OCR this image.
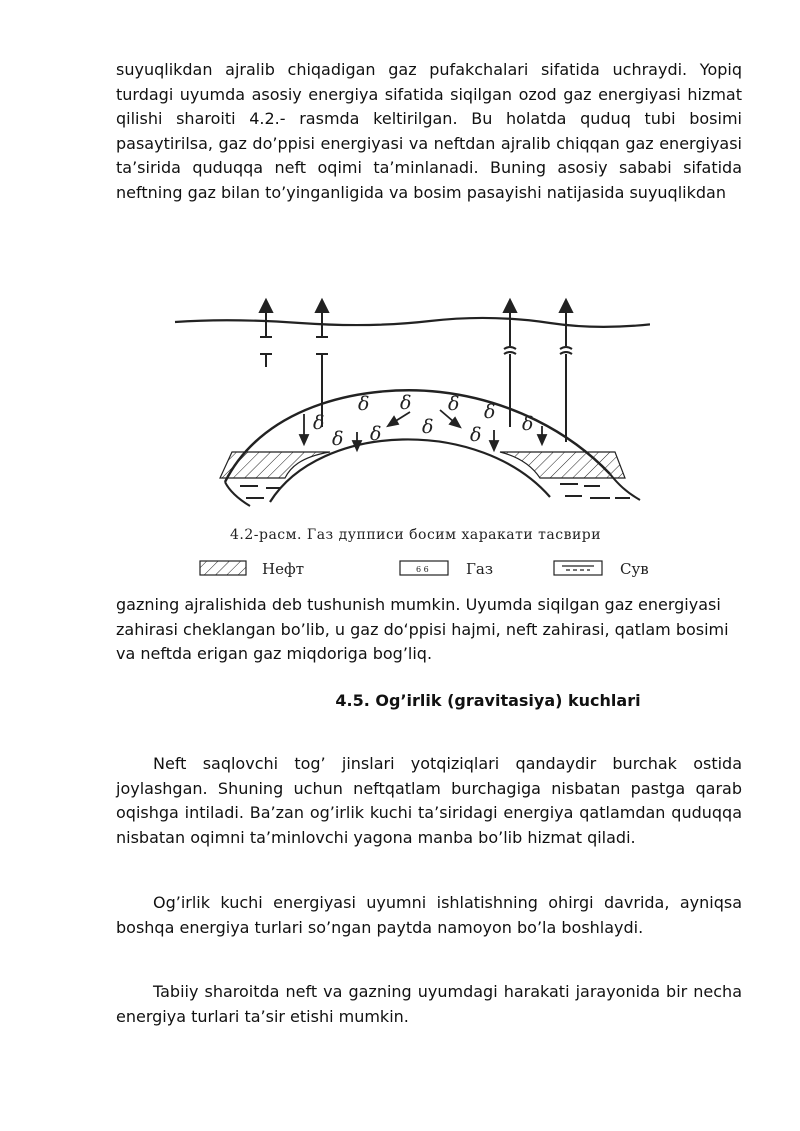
suyuqlikdan ajralib chiqadigan gaz pufakchalari sifatida uchraydi. Yopiq turdagi uyumda asosiy energiya sifatida siqilgan ozod gaz energiyasi hizmat qilishi sharoiti 4.2.- rasmda keltirilgan. Bu holatda quduq tubi bosimi pasaytirilsa, gaz do’ppisi energiyasi va neftdan ajralib chiqqan gaz energiyasi ta’sirida quduqqa neft oqimi ta’minlanadi. Buning asosiy sababi sifatida neftning gaz bilan to’yinganligida va bosim pasayishi natijasida suyuqlikdan

δ
δ
δ
δ
δ
δ
δ
δ
δ
δ
4.2-расм. Газ дупписи босим харакати тасвири
Нефт	6 6 Газ	Сув

gazning ajralishida deb tushunish mumkin. Uyumda siqilgan gaz energiyasi zahirasi cheklangan bo’lib, u gaz do‘ppisi hajmi, neft zahirasi, qatlam bosimi va neftda erigan gaz miqdoriga bog’liq.

4.5. Og’irlik (gravitasiya) kuchlari

Neft saqlovchi tog’ jinslari yotqiziqlari qandaydir burchak ostida joylashgan. Shuning uchun neftqatlam burchagiga nisbatan pastga qarab oqishga intiladi. Ba’zan og’irlik kuchi ta’siridagi energiya qatlamdan quduqqa nisbatan oqimni ta’minlovchi yagona manba bo’lib hizmat qiladi.

Og’irlik kuchi energiyasi uyumni ishlatishning ohirgi davrida, ayniqsa boshqa energiya turlari so’ngan paytda namoyon bo’la boshlaydi.

Tabiiy sharoitda neft va gazning uyumdagi harakati jarayonida bir necha energiya turlari ta’sir etishi mumkin.
